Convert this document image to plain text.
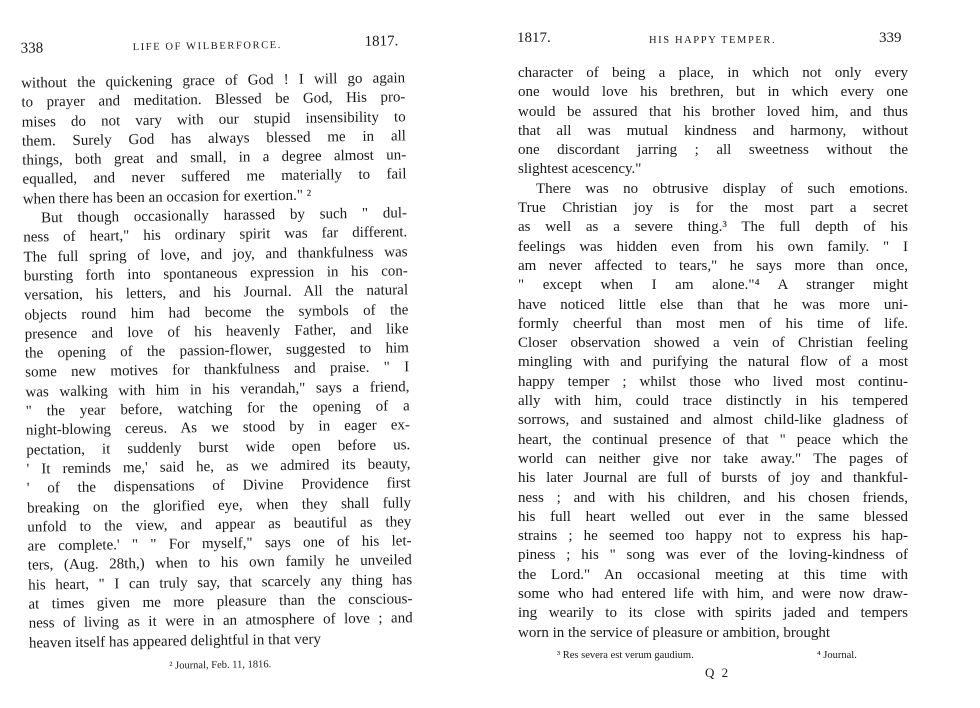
338	LIFE OF WILBERFORCE.	1817.
without the quickening grace of God ! I will go again
to prayer and meditation. Blessed be God, His pro-
mises do not vary with our stupid insensibility to
them. Surely God has always blessed me in all
things, both great and small, in a degree almost un-
equalled, and never suffered me materially to fail
when there has been an occasion for exertion." ²
But though occasionally harassed by such " dul-
ness of heart," his ordinary spirit was far different.
The full spring of love, and joy, and thankfulness was
bursting forth into spontaneous expression in his con-
versation, his letters, and his Journal. All the natural
objects round him had become the symbols of the
presence and love of his heavenly Father, and like
the opening of the passion-flower, suggested to him
some new motives for thankfulness and praise. " I
was walking with him in his verandah," says a friend,
" the year before, watching for the opening of a
night-blowing cereus. As we stood by in eager ex-
pectation, it suddenly burst wide open before us.
' It reminds me,' said he, as we admired its beauty,
' of the dispensations of Divine Providence first
breaking on the glorified eye, when they shall fully
unfold to the view, and appear as beautiful as they
are complete.' " " For myself," says one of his let-
ters, (Aug. 28th,) when to his own family he unveiled
his heart, " I can truly say, that scarcely any thing has
at times given me more pleasure than the conscious-
ness of living as it were in an atmosphere of love ; and
heaven itself has appeared delightful in that very
² Journal, Feb. 11, 1816.
1817.	HIS HAPPY TEMPER.	339
character of being a place, in which not only every
one would love his brethren, but in which every one
would be assured that his brother loved him, and thus
that all was mutual kindness and harmony, without
one discordant jarring ; all sweetness without the
slightest acescency."
There was no obtrusive display of such emotions.
True Christian joy is for the most part a secret
as well as a severe thing.³ The full depth of his
feelings was hidden even from his own family. " I
am never affected to tears," he says more than once,
" except when I am alone."⁴ A stranger might
have noticed little else than that he was more uni-
formly cheerful than most men of his time of life.
Closer observation showed a vein of Christian feeling
mingling with and purifying the natural flow of a most
happy temper ; whilst those who lived most continu-
ally with him, could trace distinctly in his tempered
sorrows, and sustained and almost child-like gladness of
heart, the continual presence of that " peace which the
world can neither give nor take away." The pages of
his later Journal are full of bursts of joy and thankful-
ness ; and with his children, and his chosen friends,
his full heart welled out ever in the same blessed
strains ; he seemed too happy not to express his hap-
piness ; his " song was ever of the loving-kindness of
the Lord." An occasional meeting at this time with
some who had entered life with him, and were now draw-
ing wearily to its close with spirits jaded and tempers
worn in the service of pleasure or ambition, brought
³ Res severa est verum gaudium.	⁴ Journal.
Q 2
